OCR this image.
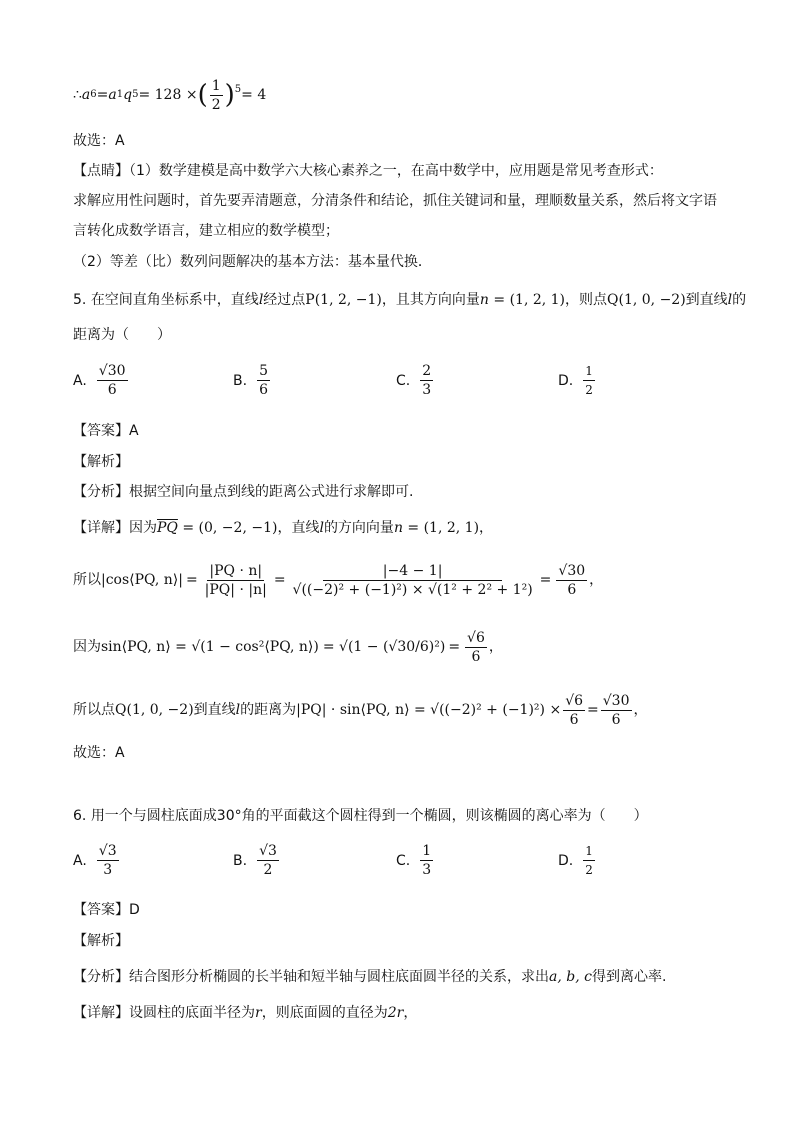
∴ a 6 = a 1 q 5 = 128 × ( $\frac{1}{2} )^5 = 4$
故选：A
【点睛】（1）数学建模是高中数学六大核心素养之一，在高中数学中，应用题是常见考查形式：
求解应用性问题时，首先要弄清题意，分清条件和结论，抓住关键词和量，理顺数量关系，然后将文字语
言转化成数学语言，建立相应的数学模型；
（2）等差（比）数列问题解决的基本方法：基本量代换．
5. 在空间直角坐标系中，直线l经过点P(1, 2, −1)，且其方向向量n = (1, 2, 1)，则点Q(1, 0, −2)到直线l的
距离为（　　）
A. $\frac{√30}{6}$	B. $\frac{5}{6}$	C. $\frac{2}{3}$	D. $\frac{1}{2}$
【答案】A
【解析】
【分析】根据空间向量点到线的距离公式进行求解即可.
【详解】因为$\overline{PQ} = (0$, −2, −1)，直线l的方向向量n = (1, 2, 1)，
所以 |cos⟨PQ, n⟩| = $\frac{|PQ \cdot n|}{|PQ| \cdot |n|} = \frac{|-4 - 1|}{\text{√((−2)² + (−1)²) × √(1² + 2² + 1²)}} = \frac{√30}{6}$ ，
因为 sin⟨PQ, n⟩ = √(1 − cos²⟨PQ, n⟩) = $√(1 - (√30/6)^2) = \frac{√6}{6}$ ，
所以点 Q(1, 0, −2) 到直线 l 的距离为 |PQ| · sin⟨PQ, n⟩ = $√((-2)^2 + (-1)^2) \times \frac{√6}{6} = \frac{√30}{6}$ ，
故选：A
6. 用一个与圆柱底面成30°角的平面截这个圆柱得到一个椭圆，则该椭圆的离心率为（　　）
A. $\frac{√3}{3}$	B. $\frac{√3}{2}$	C. $\frac{1}{3}$	D. $\frac{1}{2}$
【答案】D
【解析】
【分析】结合图形分析椭圆的长半轴和短半轴与圆柱底面圆半径的关系，求出a, b, c得到离心率.
【详解】设圆柱的底面半径为r，则底面圆的直径为2r，
